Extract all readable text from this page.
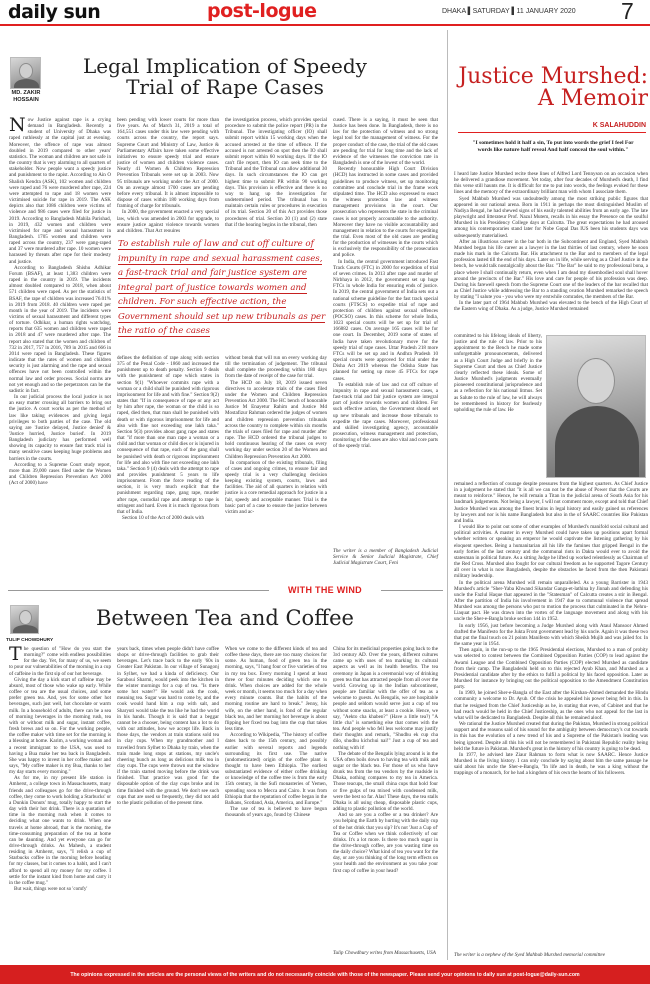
daily sun	post-logue	DHAKA ▌SATURDAY ▌11 JANUARY 2020 7
Legal Implication of Speedy Trial of Rape Cases
MD. ZAKIR HOSSAIN

Now Justice against rape is a crying demand in Bangladesh. Recently a student of University of Dhaka was raped ruthlessly at the capital just at evening. Moreover, the offence of rape was almost doubled in 2019 compared to other years' statistics. The woman and children are not safe in the country that is very alarming to all quarters of stakeholder. Now people want a speedy justice and punishment to the rapist. According to Ain O Shalish Kendra (ASK), 102 women and children were raped and 76 were murdered after rape, 224 were attempted to rape and 18 women were victimised suicide for rape in 2019. The ASK depicts also that 1086 children were victims of violence and 986 cases were filed for justice in 2019. According to Bangladesh Mahila Parishad, in 2019, 432 women and children were victimised for rape and sexual harassment in Bangladesh. 1705 women and children were raped across the country, 237 were gang-raped and 37 were murdered after rape. 10 women were harassed by threats after rape for their modesty and justice.

According to Bangladesh Shishu Adhikar Forum (BSAF), at least 1,383 children were raped in the country in 2019. The incidents almost doubled compared to 2018, when about 571 children were raped. As per the statistics of BSAF, the rape of children was increased 76.01% in 2019 from 2018. 40 children were raped per month in the year of 2019. The incidents were victims of sexual harassment and different types of torture. Odhikar, a human rights watchdog, reports that 635 women and children were raped in 2018 and 47 were murdered after rape. The report also stated that the women and children of 732 in 2017, 757 in 2016, 789 in 2015 and 666 in 2014 were raped in Bangladesh. These figures indicate that the rates of women and children security is just alarming and the rape and sexual offences have not been controlled within the normal law and order process. Social norms are not yet enough and so the perpetrators can be the sadistic in fact.

In our judicial process the local justice is not an easy matter crossing all barriers to bring out the justice. A court works as per the method of law like taking evidences and giving legal privileges to both parties of the case. The old saying are 'Justice delayed, Justice denied' & 'Justice hurried, Justice buried'. In 2019 Bangladesh judiciary has performed well showing its capacity to ensure fast track trial in many sensitive cases keeping huge problems and barriers in the courts.

According to a Supreme Court study report, more than 39,000 cases filed under the Women and Children Repression Prevention Act 2000 (Act of 2000) have

been pending with lower courts for more than five years. As of March 31, 2019 a total of 164,551 cases under this law were pending with courts across the country, the report says. Supreme Court and Ministry of Law, Justice & Parliamentary Affairs have taken some effective initiatives to ensure speedy trial and ensure justice of women and children violence cases. Nearly 41 Women & Children Repression Prevention Tribunals were set up in 2003. Now 95 tribunals are working under the Act of 2000. On an average almost 1700 cases are pending before every tribunal. It is almost impossible to dispose of cases within 180 working days from framing of charge for tribunals.

In 2000, the government enacted a very special law, which was amended in 2003 for upgrade, to ensure justice against violence towards women and children. That Act requires

the investigation process, which provides special procedure to submit the police report (PR) in the Tribunal. The investigating officer (IO) shall submit report within 15 working days when the accused arrested at the time of offence. If the accused is not arrested on spot then the IO shall submit report within 60 working days. If the IO can't file report, then IO can seek time to the Tribunal and the Tribunal can allow additional 30 days. In such circumstances the IO can get highest time to submit PR within 90 working days. This provision is effective and there is no way to hang up the investigation for undetermined period. The tribunal has to maintain certain rules or procedures in execution of its trial. Section 20 of this Act provides those procedures of trial. Section 20 (1) and (2) state that if the hearing begins in the tribunal, then

To establish rule of law and cut off culture of impunity in rape and sexual harassment cases, a fast-track trial and fair justice system are integral part of justice towards women and children. For such effective action, the Government should set up new tribunals as per the ratio of the cases

defines the definition of rape along with section 375 of the Penal Code - 1860 and increased the punishment up to death penalty. Section 9 deals with the punishment of rape which states in section 9(1) "Whoever commits rape with a woman or a child shall be punished with rigorous imprisonment for life and with fine." Section 9(2) states that "If in consequence of rape or any act by him after rape, the woman or the child is so raped, died then, that man shall be punished with death or with rigorous imprisonment for life and also with fine not exceeding one lakh taka." Section 9(3) provides about gang rape and states that "if more than one man rape a woman or a child and that woman or child dies or is injured in consequence of that rape, each of the gang shall be punished with death or rigorous imprisonment for life and also with fine not exceeding one lakh taka." Section 9 (4) deals with the attempt to rape and provides punishment 5 years to life imprisonment. From the force reading of the section, it is very much explicit that the punishment regarding rape, gang rape, murder after rape, custodial rape and attempt to rape is stringent and hard. Even it is much rigorous from that of India.

Section 10 of the Act of 2000 deals with

without break that will run on every working day till the termination of judgement. The tribunal shall complete the proceeding within 180 days from the date of receipt of the case for trial.

The HCD on July 18, 2019 issued seven directives to accelerate trials of the cases filed under the Women and Children Repression Prevention Act 2000. The HC bench of honorable Justice M Enayetur Rahim and Justice Md Mostafizur Rahman ordered the judges of women and children repression prevention tribunals across the country to complete within six months the trials of cases filed for rape and murder after rape. The HCD ordered the tribunal judges to hold continuous hearing of the cases on every working day under section 20 of the Women and Children Repression Prevention Act 2000.

In comparison of the existing tribunals, filing of cases and ongoing crimes, to ensure fair and speedy trial is a very challenging decision keeping existing system, courts, laws and facilities. The aid of all quarters in relation with justice is a core remedial approach for justice in a fair, speedy and acceptable manner. Trial is the basic part of a case to ensure the justice between victim and ac-

cused. There is a saying, it must be seen that Justice has been done. In Bangladesh, there is no law for the protection of witness and no strong legal tool for the management of witness. For the proper conduct of the case, the trial of the old cases are pending for trial for long time and the lack of evidence of the witnesses the conviction rate in Bangladesh is one of the lowest of the world.

Recently honourable High Court Division (HCD) has instructed in some cases and provided guidelines to produce witness, set up monitoring committee and conclude trial in the frame work stipulated time. The HCD also expressed to enact the witness protection law and witness management provisions in the court. Our prosecution who represents the state in the criminal cases is not properly accountable to the authority. Moreover they have no visible accountability and management in relation to the courts for expediting the trial. Even most of the old cases are pending for the production of witnesses in the courts which is exclusively the responsibility of the prosecution and police.

In India, the central government introduced Fast Track Courts (FTC) in 2000 for expedition of trial of seven crimes. In 2013 after rape and murder of Nirbhaya in 2012, the government set up huge FTCs in whole India for ensuring ends of justice. In 2019, the central government of India sets out a national scheme guideline for the fast track special courts (FTSCS) to expedite trial of rape and protection of children against sexual offences (POCSO) cases. In this scheme for whole India, 1023 special courts will be set up for trial of 166882 cases. On average 165 cases will be for one court. In December, 2019 some of states of India have taken revolutionary move for the speedy trial of rape cases. Uttar Pradesh 218 more FTCs will be set up and in Andhra Pradesh 10 special courts were approved for trial under the Disha Act 2019 whereas the Odisha State has planned for setting up more 45 FTCs for rape cases.

To establish rule of law and cut off culture of impunity in rape and sexual harassment cases, a fast-track trial and fair justice system are integral part of justice towards women and children. For such effective action, the Government should set up new tribunals and increase those tribunals to expedite the rape cases. Moreover, professional and skilled investigating agency, accountable prosecution, witness management and protection, monitoring of the cases are also vital and core parts of the speedy trial.

The writer is a member of Bangladesh Judicial Service & Senior Judicial Magistrate, Chief Judicial Magistrate Court, Feni
WITH THE WIND
Between Tea and Coffee
TULIP CHOWDHURY

The question of "How do you start the morning?" come with endless possibilities for the day. Yet, for many of us, we seem to pour our vulnerabilities of the morning in a cup of caffeine in the first sip of our hot beverage.

Giving the day a kick start of caffeine may be absurd, most of those who wake up early. While coffee or tea are the usual choices, and some prefer green tea. And, yes for some other hot beverages, such just well, hot chocolate or warm milk. In a household of adults, there can be a sea of morning beverages in the morning rush, tea with or without milk and sugar, instant coffee, fresh brews and so on. For the working people, the coffee maker with time set for the morning is a blessing at home. Karim, a working woman and a recent immigrant to the USA, was used to having a Bua make her tea back in Bangladesh. She was happy to invest in her coffee maker and says, "My coffee maker is my Bua, thanks to her my day starts every morning."

As for me, in my present life station in Amherst, a college town in Massachusetts, many friends and colleagues go for the drive-through coffee, they come to work holding a Starbucks' or a Dunkin Donuts' mug, totally happy to start the day with their hot drink. There is a quotation of time in the morning rush when it comes to deciding what one wants to drink. When one travels at home abroad, that is the morning, the time-consuming preparation of the tea at home can be daunting. And yet everyone can go for drive-through drinks. As Mahesh, a student residing in Amherst, says, "I relish a cup of Starbucks coffee in the morning before heading for my classes, but it comes to a habit, and I can't afford to spend all my money for my coffee. I settle for the instant kind from home and carry it in the coffee mug."

But wait, things were not so 'comfy'

years back, times when people didn't have coffee shops or drive-through facilities to grab their beverages. Let's trace back to the early '60s in Greater East Pakistan. In our village of Sunagonj in Sylhet, we had a kinda of deficiency. Our Saraboui Sharmi, would peek into the kitchen in the winter mornings for a cup of tea. "Is there some hot water?" He would ask the cook, meaning tea. Sugar was hard to come by, and the cook would hand him a cup with salt, and Sharyuti would take the tea like he had the world in his hands. Though it is said that a beggar cannot be a chooser, being content has a lot to do with our attitudes, how we accept life. Back in those days, the vendors at train stations sold tea in clay cups. When my grandmother and I travelled from Sylhet to Dhaka by train, when the train made long stops at stations, my uncle's cheering bunch as long as delicious milk tea in clay cups. The cups were thrown out the window if the train started moving before the drink was finished. That practice was good for the disposable option of the clay cups broke and its time finished with the ground. We don't see such cups that are used so frequently, they did not add to the plastic pollution of the present time.

When we come to the different kinds of tea and coffee these days, there are too many choices for some. As human, food of green tea in the morning, says, "I hang four or five varieties of tea in my tea box. Every morning I spend at least three or four minutes deciding which one to drink. When choices are added for the whole week or month, it seems too much for a day when every minute counts. But the habits of the morning routine are hard to break." Jenny, his wife, on the other hand, is fond of the regular black tea, and her morning hot beverage is about flipping her fixed tea bag into the cup that takes less time.

According to Wikipedia, "The history of coffee dates back to the 15th century, and possibly earlier with several reports and legends surrounding its first use. The native (undomesticated) origin of the coffee plant is thought to have been Ethiopia. The earliest substantiated evidence of either coffee drinking or knowledge of the coffee tree is from the early 15th century, in the Sufi monasteries of Yemen, spreading soon to Mecca and Cairo. It was from Ethiopia that the reputation of coffee began in the Balkans, Scotland, Asia, America, and Europe."

The use of tea is believed to have begun thousands of years ago, found by Chinese

China for its medicinal properties going back to the 3rd century AD. Over the years, different cultures came up with uses of tea marking its cultural aspects as well as its health benefits. The tea ceremony in Japan is a ceremonial way of drinking green tea that has attracted people from all over the world. Growing up in the Indian subcontinent, people are familiar with the offer of tea as a welcome to guests. As Bengalis, we are hospitable people and seldom would serve just a cup of tea without some snacks, at least a cookie. Hence, we say, "Aekto cha khaben?" (Have a little tea?) "A little cha" is something else that comes with the tea. And people who fell less welcome may justify their thoughts and remark, "Shudhu ek cup cha dilo, shudhu kichchui nai!" Just a cup of tea and nothing with it!

The debate of the Bengalis lying around is in the USA often boils down to having tea with milk and sugar or the black tea. For those of us who have drunk tea from the tea vendors by the roadside in Dhaka, nothing compares to my tea in America. Those teacups, the small china cups that hold four or five gulps of tea mixed with condensed milk, were the best so far. Alas! These days, the tea stalls Dhaka is all using cheap, disposable plastic cups, adding to plastic pollution of the world.

And so are you a coffee or a tea drinker? Are you helping the Earth by hurting with the daily cup of the hot drink that you sip? It's not 'Just a Cup of' Tea or Coffee when we think collectively of our drinks. It's a lot more. Is there too much sugar in the drive-through coffee, are you wasting time on the daily choice? What kind of tea you want for the day, or are you thinking of the long term effects on your health and the environment as you take your first cup of coffee in your head?

Tulip Chowdhury writes from Massachusetts, USA
Justice Murshed: A Memoir
K SALAHUDDIN
"I sometimes hold it half a sin, To put into words the grief I feel For words like nature half reveal And half conceal the soul within."

I heard late Justice Murshed recite these lines of Alfred Lord Tennyson on an occasion when he delivered a grandiose movement. Yet today, after four decades of Murshed's death, I find this verse still haunts me. It is difficult for me to put into words, the feelings evoked for these lines and the memory of the extraordinary brilliant man with whom I associate them.

Syed Mahbub Murshed was undoubtedly among the most striking public figures that appeared in our national arena. Born in 1911 in perhaps the most distinguished Muslim of Nadiya Bengal, he had shewed signs of his easily talented abilities from an early age. The late playwright and litterateur Prof. Nazul Mutem, recalls in his essay the Presence on the soulful Murshed in his Presidency College days at Calcutta. The great expectations he had aroused among his contemporaries stand later for Nobe Gopal Das IUS been his students days was subsequently materialised.

After an illustrious career in the bar both in the Subcontinent and England, Syed Mahbub Murshed began his life career as a lawyer in the last thirties of last century, where he soon made his mark in the Calcutta Bar. His attachment to the Bar and to members of the legal profession lasted till the end of his days. Later on in life, while serving as a Chief Justice in the bench, he would talk nostalgically about the Bar. "The Bar" he said to my professional bona, a place where I shall continually return, even when I am dead my disembodied soul shall hover around the precincts of the Bar." His love and care for people of his profession was deep. During his farewell speech from the Supreme Court one of the leaders of the bar recalled that as Chief Justice while addressing the Bar to a standing ovation Murshed remarked the speech by stating "I salute you - you who were my erstwhile comrades, the members of the Bar.

In the later part of 1964 Mahbub Murshed was elevated to the bench of the High Court of the Eastern wing of Dhaka. As a judge, Justice Murshed remained

committed to his lifelong ideals of liberty, justice and the rule of law. Prior to his appointment to the Bench he made some unforgettable pronouncements, delivered as a High Court Judge and briefly in the Supreme Court and then as Chief Justice clearly reflected these ideals. Some of Justice Murshed's judgments eventually pioneered constitutional jurisprudence and as a reflection for his national litmus. Set as Salute to the rule of law, he will always be remembered in history for fearlessly upholding the rule of law. He

remained a reflection of courage despite pressures from the highest quarters. As Chief Justice in a judgement he stated that "it is all we can not be the abuse of Power that the Courts are meant to reinforce." Hence, he will remain a Titan in the judicial arena of South Asia for his landmark judgements. Not being a lawyer, I will not comment more, except and told that Chief Justice Murshed was among the finest brains in legal history and easily gained us references by lawyers and nor is his name Bangladesh but also in the of SAARC countries like Pakistan and India.

I would like to point out some of other examples of Murshed's manifold social cultural and political activities. A master in every Murshed could have taken up positions apart formal whether written or speaking an emperor he would captivate the listening gathering by his eloquent speeches. Being a humanitarian all his life the famines that gripped Bengal in the early forties of the last century and the communal riots in Dakta would ever to avoid the statesman in political future. As a sitting Judge he lifted up worked relentlessly as Chairman of the Red Cross. Murshed also fought for our cultural freedom as he supported Tagore Century all over in what is now Bangladesh, despite the obstacles he faced from the then Pakistani military leadership.

In the political arena Murshed will remain unparalleled. As a young Barrister in 1943 Murshed's article "Sher-Yaba Khwand Sikandar Ganga-et-lathina by Jinnah and defending his uncle the Fazlul Haque that appeared in the "Statesman" of Calcutta creates a stir in Bengal. After the partition of India his involvement in 1947 due to communal violence that spread Murshed was among the persons who put to motion the process that culminated in the Nehru-Liaquat pact. He was drawn into the vortex of the language movement and along with his uncle the Sher-e-Bangla broke section 144 in 1952.

In early 1956, just before becoming a Judge Murshed along with Ataul Mansoor Ahmed drafted the Manifesto for the Jukta Front government lead by his uncle. Again it was these two that put the final touch on 21 points Manifesto with which Sheikh Mujib and was jailed for. In the same year in 1954.

Then again, in the run-up to the 1965 Presidential elections, Murshed to a man of probity was selected to contest between the Combined Opposition Parties (COP) to lead against the Awami League and the Combined Opposition Parties (COP) elected Murshed as candidate from their camp. The Bangladeshi held on to this rejected Ayub Khan, and Murshed as a Presidential candidate after by the ethics to fulfil a political by his faced opposition. Later as Murshed for instance by bringing out the political opposition to the Amendment Constitution party.

In 1969, he joined Sher-e-Bangla of the East after the Kirshan-Ahmed demanded the Hindu community a welcome to Dr. Ayub. Of the crisis he appealed his power being felt in this. In that he resigned from the Chief Justiceship as he, in stating that even, of Cabinet and that he had reach would be held in the Chief Justiceship, as the ones who not appeal for the last in what will be dedicated to Bangladesh. Despite all this he remained aloof.

We rational the Justice Murshed created that during the Pakistan, Murshed in strong political support and the reasons said of his sound for the ambiguity between democracy's cut towards in this has the evolution of a new trend of his and a Supreme of the Pakistan's leading was being ignored. Despite all this his will not be remembered in Pakistani Republic reality being held the future in Pakistan. Murshed's great in the history of his country is going to be dead.

In 1977, he advised late Ziaur Rahman to form what is now SAARC. Hence Justice Murshed is the living history. I can only conclude by saying about him the same passage he said about his uncle the Sher-e-Bangla, "In life and in death, he was a king without the trappings of a monarch, for he had a kingdom of his own the hearts of his followers.

The writer is a nephew of the Syed Mahbub Murshed memorial committee
The opinions expressed in the articles are the personal views of the writers and do not necessarily coincide with those of the newspaper. Please send your opinions to daily sun at post-logue@daily-sun.com
